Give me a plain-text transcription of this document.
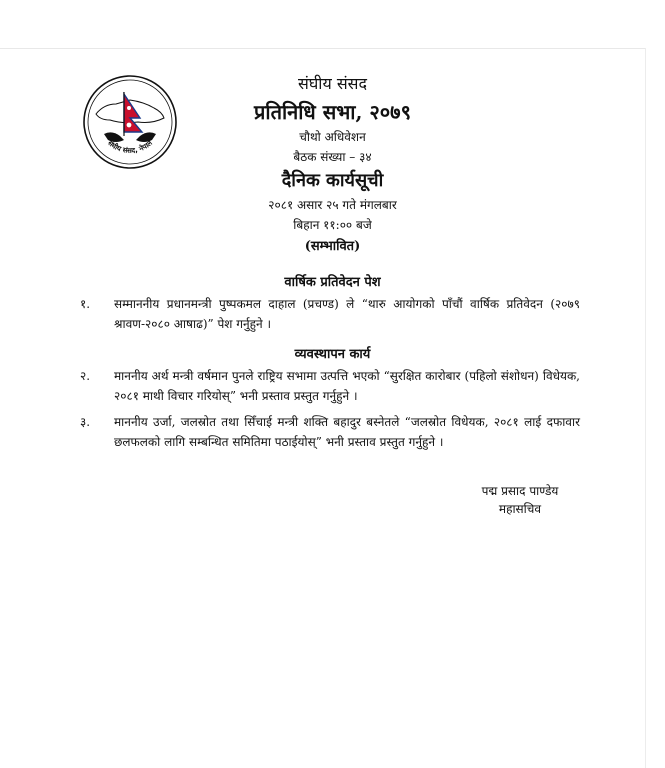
संघीय संसद, नेपाल
संघीय संसद
प्रतिनिधि सभा, २०७९
चौथो अधिवेशन
बैठक संख्या – ३४
दैनिक कार्यसूची
२०८१ असार २५ गते मंगलबार
बिहान ११:०० बजे
(सम्भावित)
वार्षिक प्रतिवेदन पेश
१.	सम्माननीय प्रधानमन्त्री पुष्पकमल दाहाल (प्रचण्ड) ले “थारु आयोगको पाँचौं वार्षिक प्रतिवेदन (२०७९ श्रावण-२०८० आषाढ)” पेश गर्नुहुने ।
व्यवस्थापन कार्य
२.	माननीय अर्थ मन्त्री वर्षमान पुनले राष्ट्रिय सभामा उत्पत्ति भएको “सुरक्षित कारोबार (पहिलो संशोधन) विधेयक, २०८१ माथी विचार गरियोस्” भनी प्रस्ताव प्रस्तुत गर्नुहुने ।
३.	माननीय उर्जा, जलस्रोत तथा सिँचाई मन्त्री शक्ति बहादुर बस्नेतले “जलस्रोत विधेयक, २०८१ लाई दफावार छलफलको लागि सम्बन्धित समितिमा पठाईयोस्” भनी प्रस्ताव प्रस्तुत गर्नुहुने ।
पद्म प्रसाद पाण्डेय
महासचिव
